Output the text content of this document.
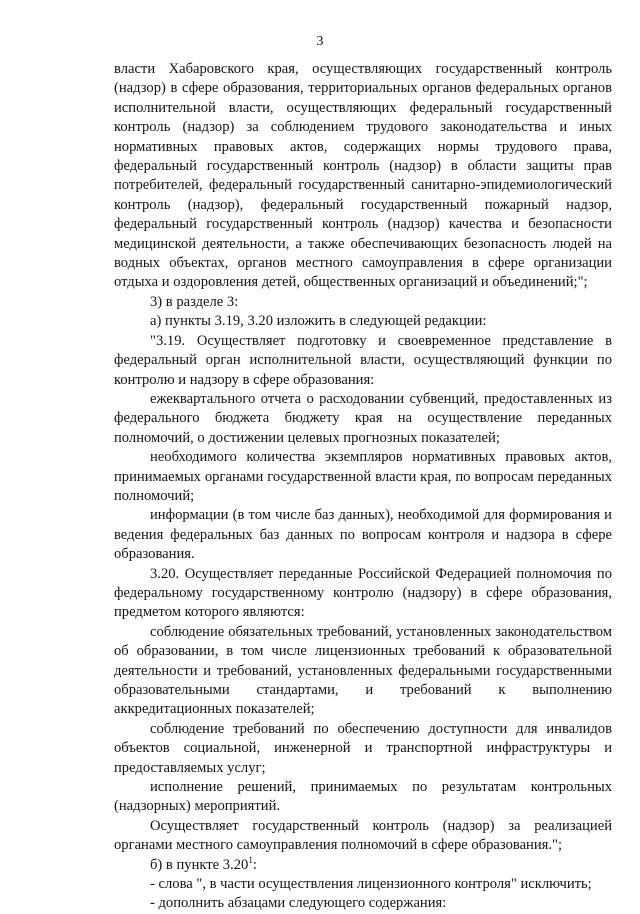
3

власти Хабаровского края, осуществляющих государственный контроль (надзор) в сфере образования, территориальных органов федеральных органов исполнительной власти, осуществляющих федеральный государственный контроль (надзор) за соблюдением трудового законодательства и иных нормативных правовых актов, содержащих нормы трудового права, федеральный государственный контроль (надзор) в области защиты прав потребителей, федеральный государственный санитарно-эпидемиологический контроль (надзор), федеральный государственный пожарный надзор, федеральный государственный контроль (надзор) качества и безопасности медицинской деятельности, а также обеспечивающих безопасность людей на водных объектах, органов местного самоуправления в сфере организации отдыха и оздоровления детей, общественных организаций и объединений;";

3) в разделе 3:

а) пункты 3.19, 3.20 изложить в следующей редакции:

"3.19. Осуществляет подготовку и своевременное представление в федеральный орган исполнительной власти, осуществляющий функции по контролю и надзору в сфере образования:

ежеквартального отчета о расходовании субвенций, предоставленных из федерального бюджета бюджету края на осуществление переданных полномочий, о достижении целевых прогнозных показателей;

необходимого количества экземпляров нормативных правовых актов, принимаемых органами государственной власти края, по вопросам переданных полномочий;

информации (в том числе баз данных), необходимой для формирования и ведения федеральных баз данных по вопросам контроля и надзора в сфере образования.

3.20. Осуществляет переданные Российской Федерацией полномочия по федеральному государственному контролю (надзору) в сфере образования, предметом которого являются:

соблюдение обязательных требований, установленных законодательством об образовании, в том числе лицензионных требований к образовательной деятельности и требований, установленных федеральными государственными образовательными стандартами, и требований к выполнению аккредитационных показателей;

соблюдение требований по обеспечению доступности для инвалидов объектов социальной, инженерной и транспортной инфраструктуры и предоставляемых услуг;

исполнение решений, принимаемых по результатам контрольных (надзорных) мероприятий.

Осуществляет государственный контроль (надзор) за реализацией органами местного самоуправления полномочий в сфере образования.";

б) в пункте 3.20$^1$:

- слова ", в части осуществления лицензионного контроля" исключить;

- дополнить абзацами следующего содержания:
